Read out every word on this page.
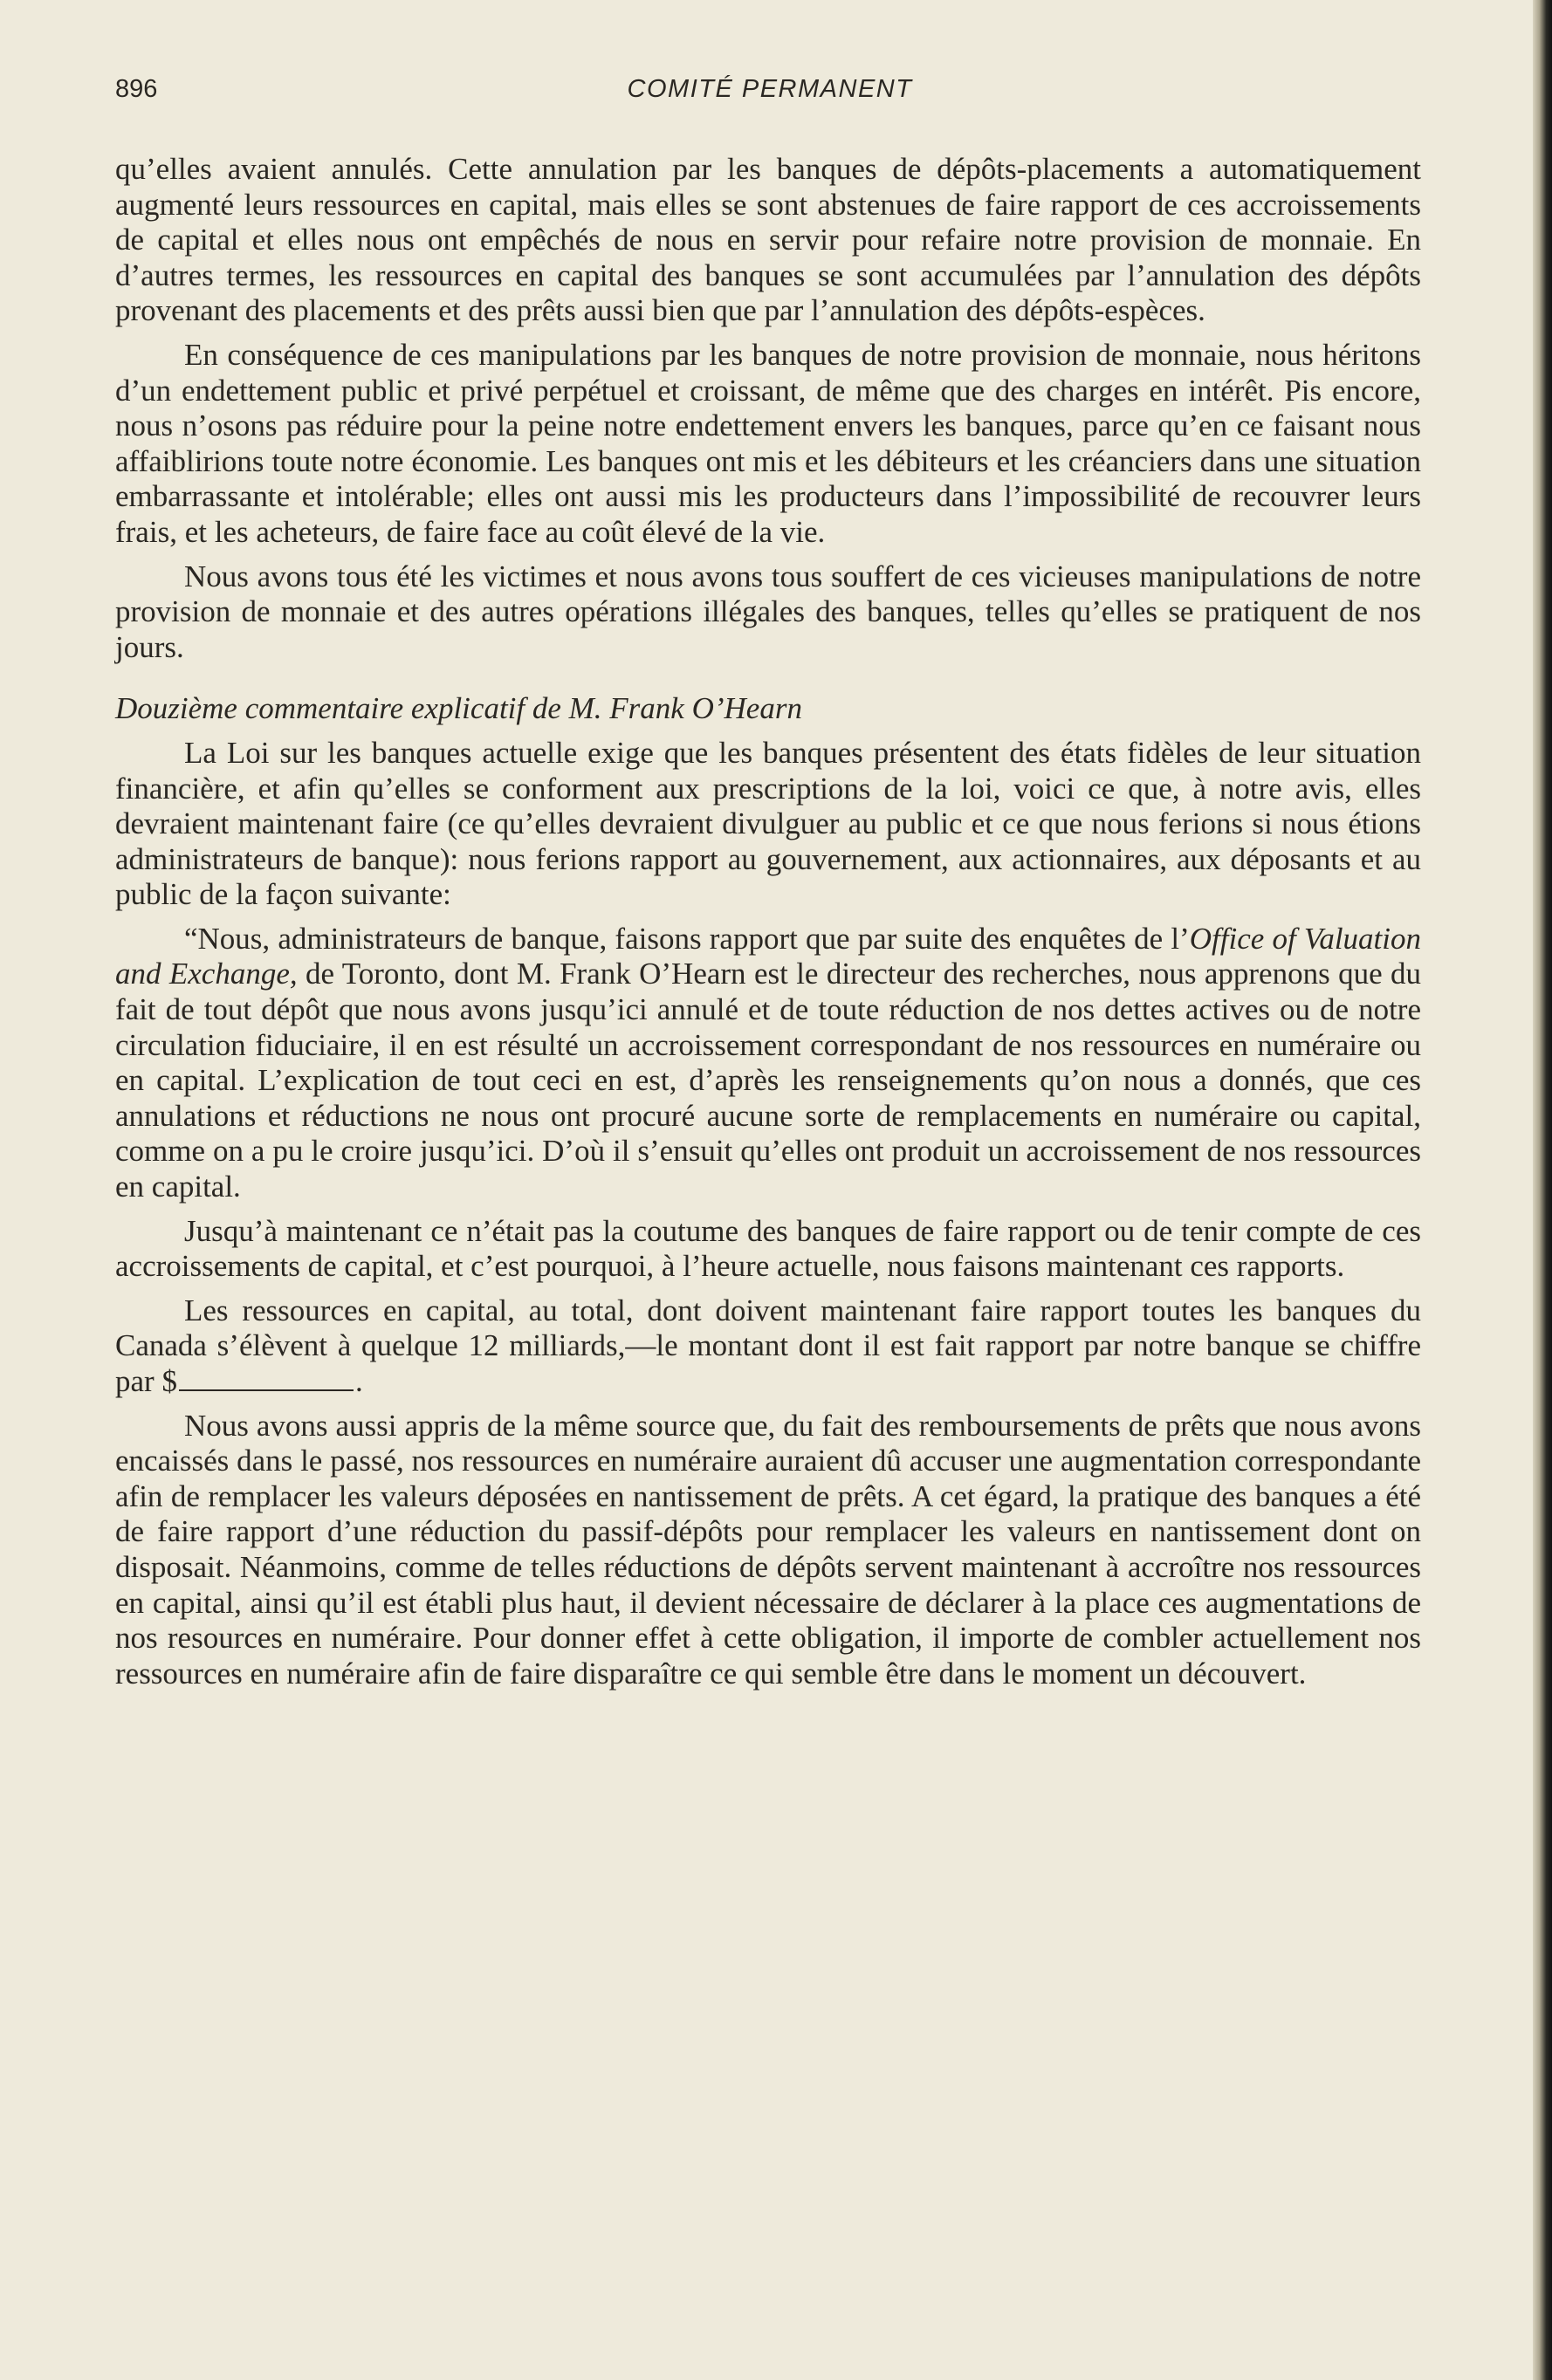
896	COMITÉ PERMANENT

qu’elles avaient annulés. Cette annulation par les banques de dépôts-placements a automatiquement augmenté leurs ressources en capital, mais elles se sont abstenues de faire rapport de ces accroissements de capital et elles nous ont empêchés de nous en servir pour refaire notre provision de monnaie. En d’autres termes, les ressources en capital des banques se sont accumulées par l’annulation des dépôts provenant des placements et des prêts aussi bien que par l’annulation des dépôts-espèces.

En conséquence de ces manipulations par les banques de notre provision de monnaie, nous héritons d’un endettement public et privé perpétuel et croissant, de même que des charges en intérêt. Pis encore, nous n’osons pas réduire pour la peine notre endettement envers les banques, parce qu’en ce faisant nous affaiblirions toute notre économie. Les banques ont mis et les débiteurs et les créanciers dans une situation embarrassante et intolérable; elles ont aussi mis les producteurs dans l’impossibilité de recouvrer leurs frais, et les acheteurs, de faire face au coût élevé de la vie.

Nous avons tous été les victimes et nous avons tous souffert de ces vicieuses manipulations de notre provision de monnaie et des autres opérations illégales des banques, telles qu’elles se pratiquent de nos jours.

Douzième commentaire explicatif de M. Frank O’Hearn

La Loi sur les banques actuelle exige que les banques présentent des états fidèles de leur situation financière, et afin qu’elles se conforment aux prescriptions de la loi, voici ce que, à notre avis, elles devraient maintenant faire (ce qu’elles devraient divulguer au public et ce que nous ferions si nous étions administrateurs de banque): nous ferions rapport au gouvernement, aux actionnaires, aux déposants et au public de la façon suivante:

“Nous, administrateurs de banque, faisons rapport que par suite des enquêtes de l’Office of Valuation and Exchange, de Toronto, dont M. Frank O’Hearn est le directeur des recherches, nous apprenons que du fait de tout dépôt que nous avons jusqu’ici annulé et de toute réduction de nos dettes actives ou de notre circulation fiduciaire, il en est résulté un accroissement correspondant de nos ressources en numéraire ou en capital. L’explication de tout ceci en est, d’après les renseignements qu’on nous a donnés, que ces annulations et réductions ne nous ont procuré aucune sorte de remplacements en numéraire ou capital, comme on a pu le croire jusqu’ici. D’où il s’ensuit qu’elles ont produit un accroissement de nos ressources en capital.

Jusqu’à maintenant ce n’était pas la coutume des banques de faire rapport ou de tenir compte de ces accroissements de capital, et c’est pourquoi, à l’heure actuelle, nous faisons maintenant ces rapports.

Les ressources en capital, au total, dont doivent maintenant faire rapport toutes les banques du Canada s’élèvent à quelque 12 milliards,—le montant dont il est fait rapport par notre banque se chiffre par $	.

Nous avons aussi appris de la même source que, du fait des remboursements de prêts que nous avons encaissés dans le passé, nos ressources en numéraire auraient dû accuser une augmentation correspondante afin de remplacer les valeurs déposées en nantissement de prêts. A cet égard, la pratique des banques a été de faire rapport d’une réduction du passif-dépôts pour remplacer les valeurs en nantissement dont on disposait. Néanmoins, comme de telles réductions de dépôts servent maintenant à accroître nos ressources en capital, ainsi qu’il est établi plus haut, il devient nécessaire de déclarer à la place ces augmentations de nos resources en numéraire. Pour donner effet à cette obligation, il importe de combler actuellement nos ressources en numéraire afin de faire disparaître ce qui semble être dans le moment un découvert.
